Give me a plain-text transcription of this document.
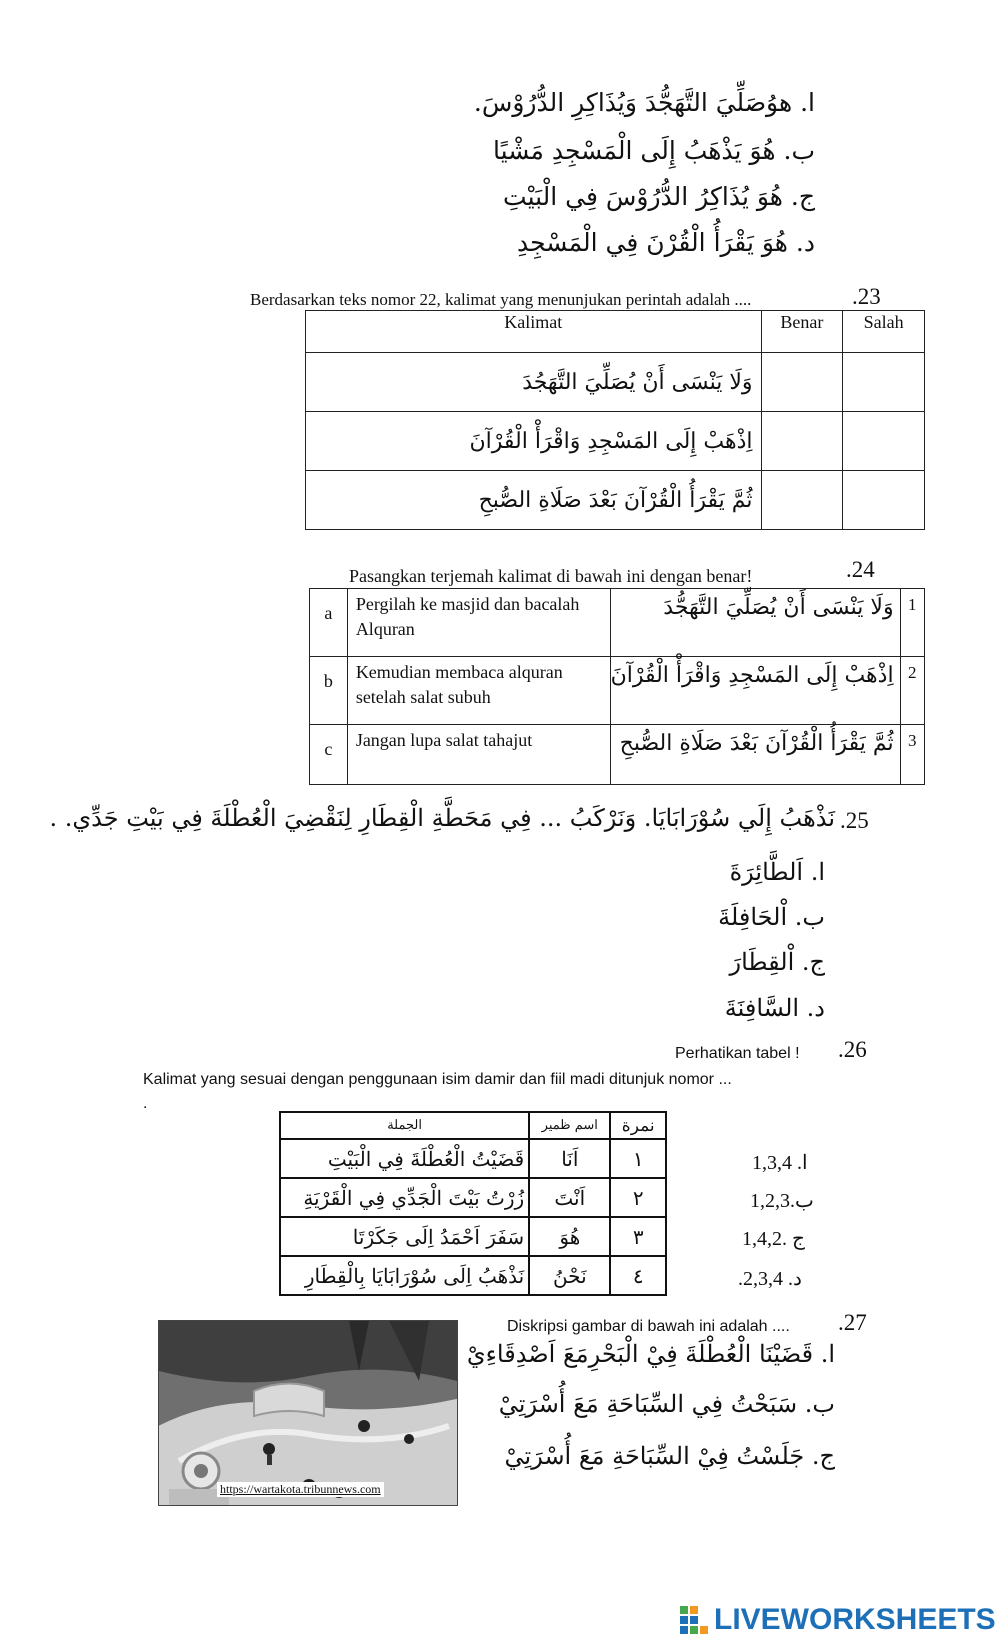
ا. هوُصَلِّيَ التَّهَجُّدَ وَيُذَاكِرِ الدُّرُوْسَ.
ب. هُوَ يَذْهَبُ إِلَى الْمَسْجِدِ مَشْيًا
ج. هُوَ يُذَاكِرُ الدُّرُوْسَ فِي الْبَيْتِ
د. هُوَ يَقْرَأُ الْقُرْنَ فِي الْمَسْجِدِ
Berdasarkan teks nomor 22, kalimat yang menunjukan perintah adalah ....	.23
Kalimat	Benar	Salah
وَلَا يَنْسَى أَنْ يُصَلِّيَ التَّهَجُدَ		
اِذْهَبْ إِلَى المَسْجِدِ وَاقْرَأْ الْقُرْآنَ		
ثُمَّ يَقْرَأُ الْقُرْآنَ بَعْدَ صَلَاةِ الصُّبحِ		
Pasangkan terjemah kalimat di bawah ini dengan benar!	.24
a	Pergilah ke masjid dan bacalah Alquran	وَلَا يَنْسَى أَنْ يُصَلِّيَ التَّهَجُّدَ	1
b	Kemudian membaca alquran setelah salat subuh	اِذْهَبْ إِلَى المَسْجِدِ وَاقْرَأْ الْقُرْآنَ	2
c	Jangan lupa salat tahajut	ثُمَّ يَقْرَأُ الْقُرْآنَ بَعْدَ صَلَاةِ الصُّبحِ	3
.25
نَذْهَبُ إِلَي سُوْرَابَايَا. وَنَرْكَبُ ... فِي مَحَطَّةِ الْقِطَارِ لِنَقْضِيَ الْعُطْلَةَ فِي بَيْتِ جَدِّي. .
ا. اَلطَّائِرَةَ
ب. اْلحَافِلَةَ
ج. اْلقِطَارَ
د. السَّافِنَةَ
Perhatikan tabel ! .26
Kalimat yang sesuai dengan penggunaan isim damir dan fiil madi ditunjuk nomor ...
.
الجملة	اسم ظمير	نمرة
قَضَيْتُ الْعُطْلَةَ فِي الْبَيْتِ	اَنَا	١
زُرْتُ بَيْتَ الْجَدِّي فِي الْقَرْيَةِ	اَنْتَ	٢
سَفَرَ اَحْمَدُ اِلَى جَكَرْتَا	هُوَ	٣
نَذْهَبُ اِلَى سُوْرَابَايَا بِالْقِطَارِ	نَحْنُ	٤
1,3,4 .ا
1,2,3.ب
1,4,2. ج
.2,3,4 .د
Diskripsi gambar di bawah ini adalah .... .27
https://wartakota.tribunnews.com
ا. قَضَيْنَا الْعُطْلَةَ فِيْ الْبَحْرِمَعَ اَصْدِقَاءِيْ
ب. سَبَحْتُ فِي السِّبَاحَةِ مَعَ أُسْرَتِيْ
ج. جَلَسْتُ فِيْ السِّبَاحَةِ مَعَ أُسْرَتِيْ
LIVEWORKSHEETS
